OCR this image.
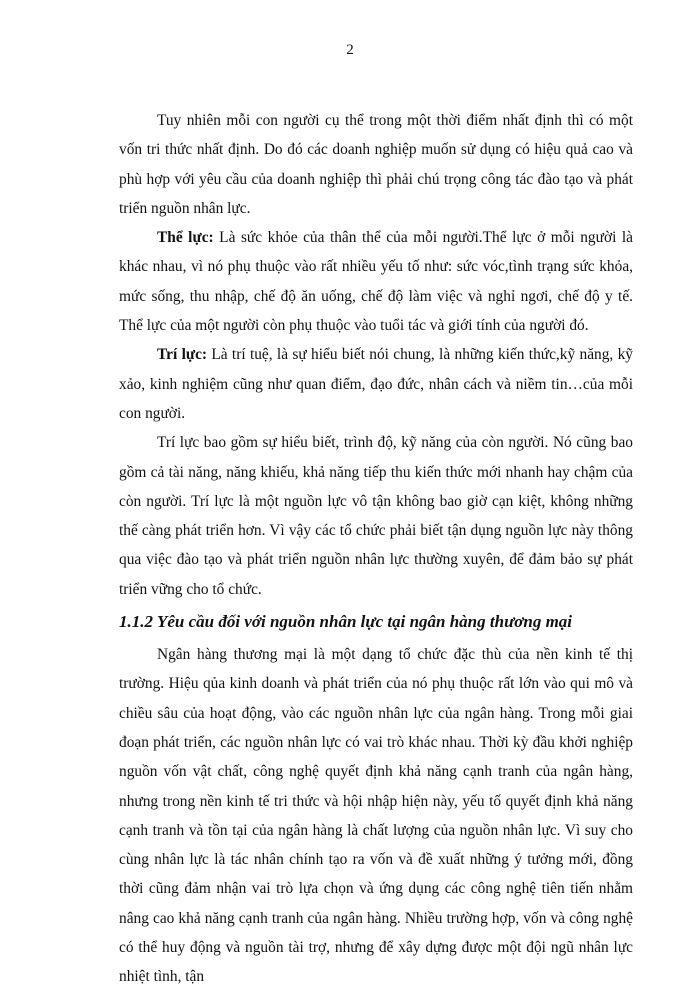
2

Tuy nhiên mỗi con người cụ thể trong một thời điểm nhất định thì có một vốn tri thức nhất định. Do đó các doanh nghiệp muốn sử dụng có hiệu quả cao và phù hợp với yêu cầu của doanh nghiệp thì phải chú trọng công tác đào tạo và phát triển nguồn nhân lực.

Thể lực: Là sức khỏe của thân thể của mỗi người.Thể lực ở mỗi người là khác nhau, vì nó phụ thuộc vào rất nhiều yếu tố như: sức vóc,tình trạng sức khỏa, mức sống, thu nhập, chế độ ăn uống, chế độ làm việc và nghỉ ngơi, chế độ y tế. Thể lực của một người còn phụ thuộc vào tuổi tác và giới tính của người đó.

Trí lực: Là trí tuệ, là sự hiểu biết nói chung, là những kiến thức,kỹ năng, kỹ xảo, kinh nghiệm cũng như quan điểm, đạo đức, nhân cách và niềm tin…của mỗi con người.

Trí lực bao gồm sự hiểu biết, trình độ, kỹ năng của còn người. Nó cũng bao gồm cả tài năng, năng khiếu, khả năng tiếp thu kiến thức mới nhanh hay chậm của còn người. Trí lực là một nguồn lực vô tận không bao giờ cạn kiệt, không những thế càng phát triển hơn. Vì vậy các tổ chức phải biết tận dụng nguồn lực này thông qua việc đào tạo và phát triển nguồn nhân lực thường xuyên, để đảm bảo sự phát triển vững cho tổ chức.

1.1.2 Yêu cầu đối với nguồn nhân lực tại ngân hàng thương mại

Ngân hàng thương mại là một dạng tổ chức đặc thù của nền kinh tế thị trường. Hiệu qủa kinh doanh và phát triển của nó phụ thuộc rất lớn vào qui mô và chiều sâu của hoạt động, vào các nguồn nhân lực của ngân hàng. Trong mỗi giai đoạn phát triển, các nguồn nhân lực có vai trò khác nhau. Thời kỳ đầu khởi nghiệp nguồn vốn vật chất, công nghệ quyết định khả năng cạnh tranh của ngân hàng, nhưng trong nền kinh tế tri thức và hội nhập hiện này, yếu tố quyết định khả năng cạnh tranh và tồn tại của ngân hàng là chất lượng của nguồn nhân lực. Vì suy cho cùng nhân lực là tác nhân chính tạo ra vốn và đề xuất những ý tưởng mới, đồng thời cũng đảm nhận vai trò lựa chọn và ứng dụng các công nghệ tiên tiến nhằm nâng cao khả năng cạnh tranh của ngân hàng. Nhiều trường hợp, vốn và công nghệ có thể huy động và nguồn tài trợ, nhưng để xây dựng được một đội ngũ nhân lực nhiệt tình, tận
